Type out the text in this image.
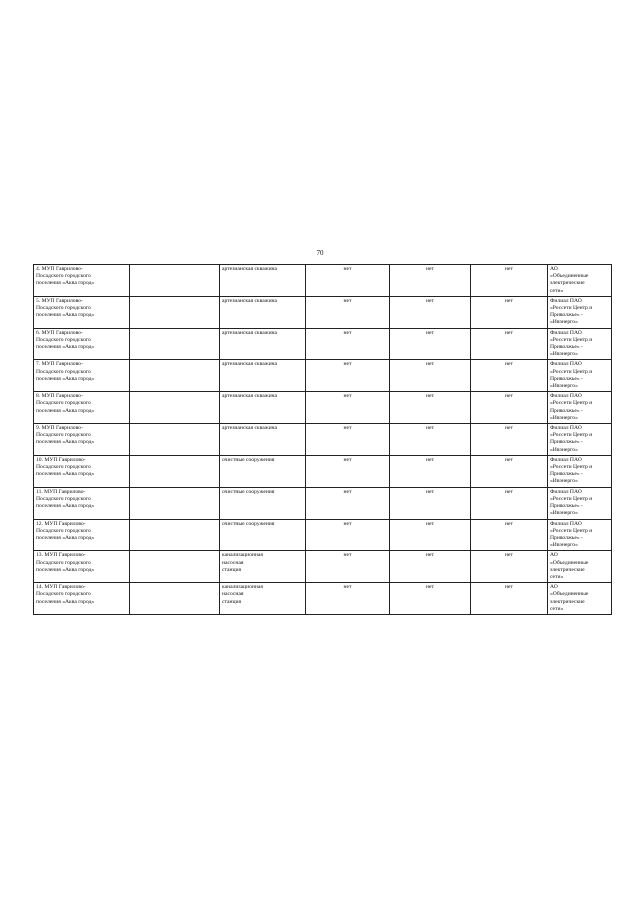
70
4. МУП Гаврилово-
Посадского городского
поселения «Аква город»		артезианская скважина	нет	нет	нет	АО
«Объединенные
электрические
сети»

5. МУП Гаврилово-
Посадского городского
поселения «Аква город»		артезианская скважина	нет	нет	нет	Филиал ПАО
«Россети Центр и
Приволжье» -
«Ивэнерго»

6. МУП Гаврилово-
Посадского городского
поселения «Аква город»		артезианская скважина	нет	нет	нет	Филиал ПАО
«Россети Центр и
Приволжье» -
«Ивэнерго»

7. МУП Гаврилово-
Посадского городского
поселения «Аква город»		артезианская скважина	нет	нет	нет	Филиал ПАО
«Россети Центр и
Приволжье» -
«Ивэнерго»

8. МУП Гаврилово-
Посадского городского
поселения «Аква город»		артезианская скважина	нет	нет	нет	Филиал ПАО
«Россети Центр и
Приволжье» -
«Ивэнерго»

9. МУП Гаврилово-
Посадского городского
поселения «Аква город»		артезианская скважина	нет	нет	нет	Филиал ПАО
«Россети Центр и
Приволжье» -
«Ивэнерго»

10. МУП Гаврилово-
Посадского городского
поселения «Аква город»		очистные сооружения	нет	нет	нет	Филиал ПАО
«Россети Центр и
Приволжье» -
«Ивэнерго»

11. МУП Гаврилово-
Посадского городского
поселения «Аква город»		очистные сооружения	нет	нет	нет	Филиал ПАО
«Россети Центр и
Приволжье» -
«Ивэнерго»

12. МУП Гаврилово-
Посадского городского
поселения «Аква город»		очистные сооружения	нет	нет	нет	Филиал ПАО
«Россети Центр и
Приволжье» -
«Ивэнерго»

13. МУП Гаврилово-
Посадского городского
поселения «Аква город»		канализационная
насосная
станция	нет	нет	нет	АО
«Объединенные
электрические
сети»

14. МУП Гаврилово-
Посадского городского
поселения «Аква город»		канализационная
насосная
станция	нет	нет	нет	АО
«Объединенные
электрические
сети»
